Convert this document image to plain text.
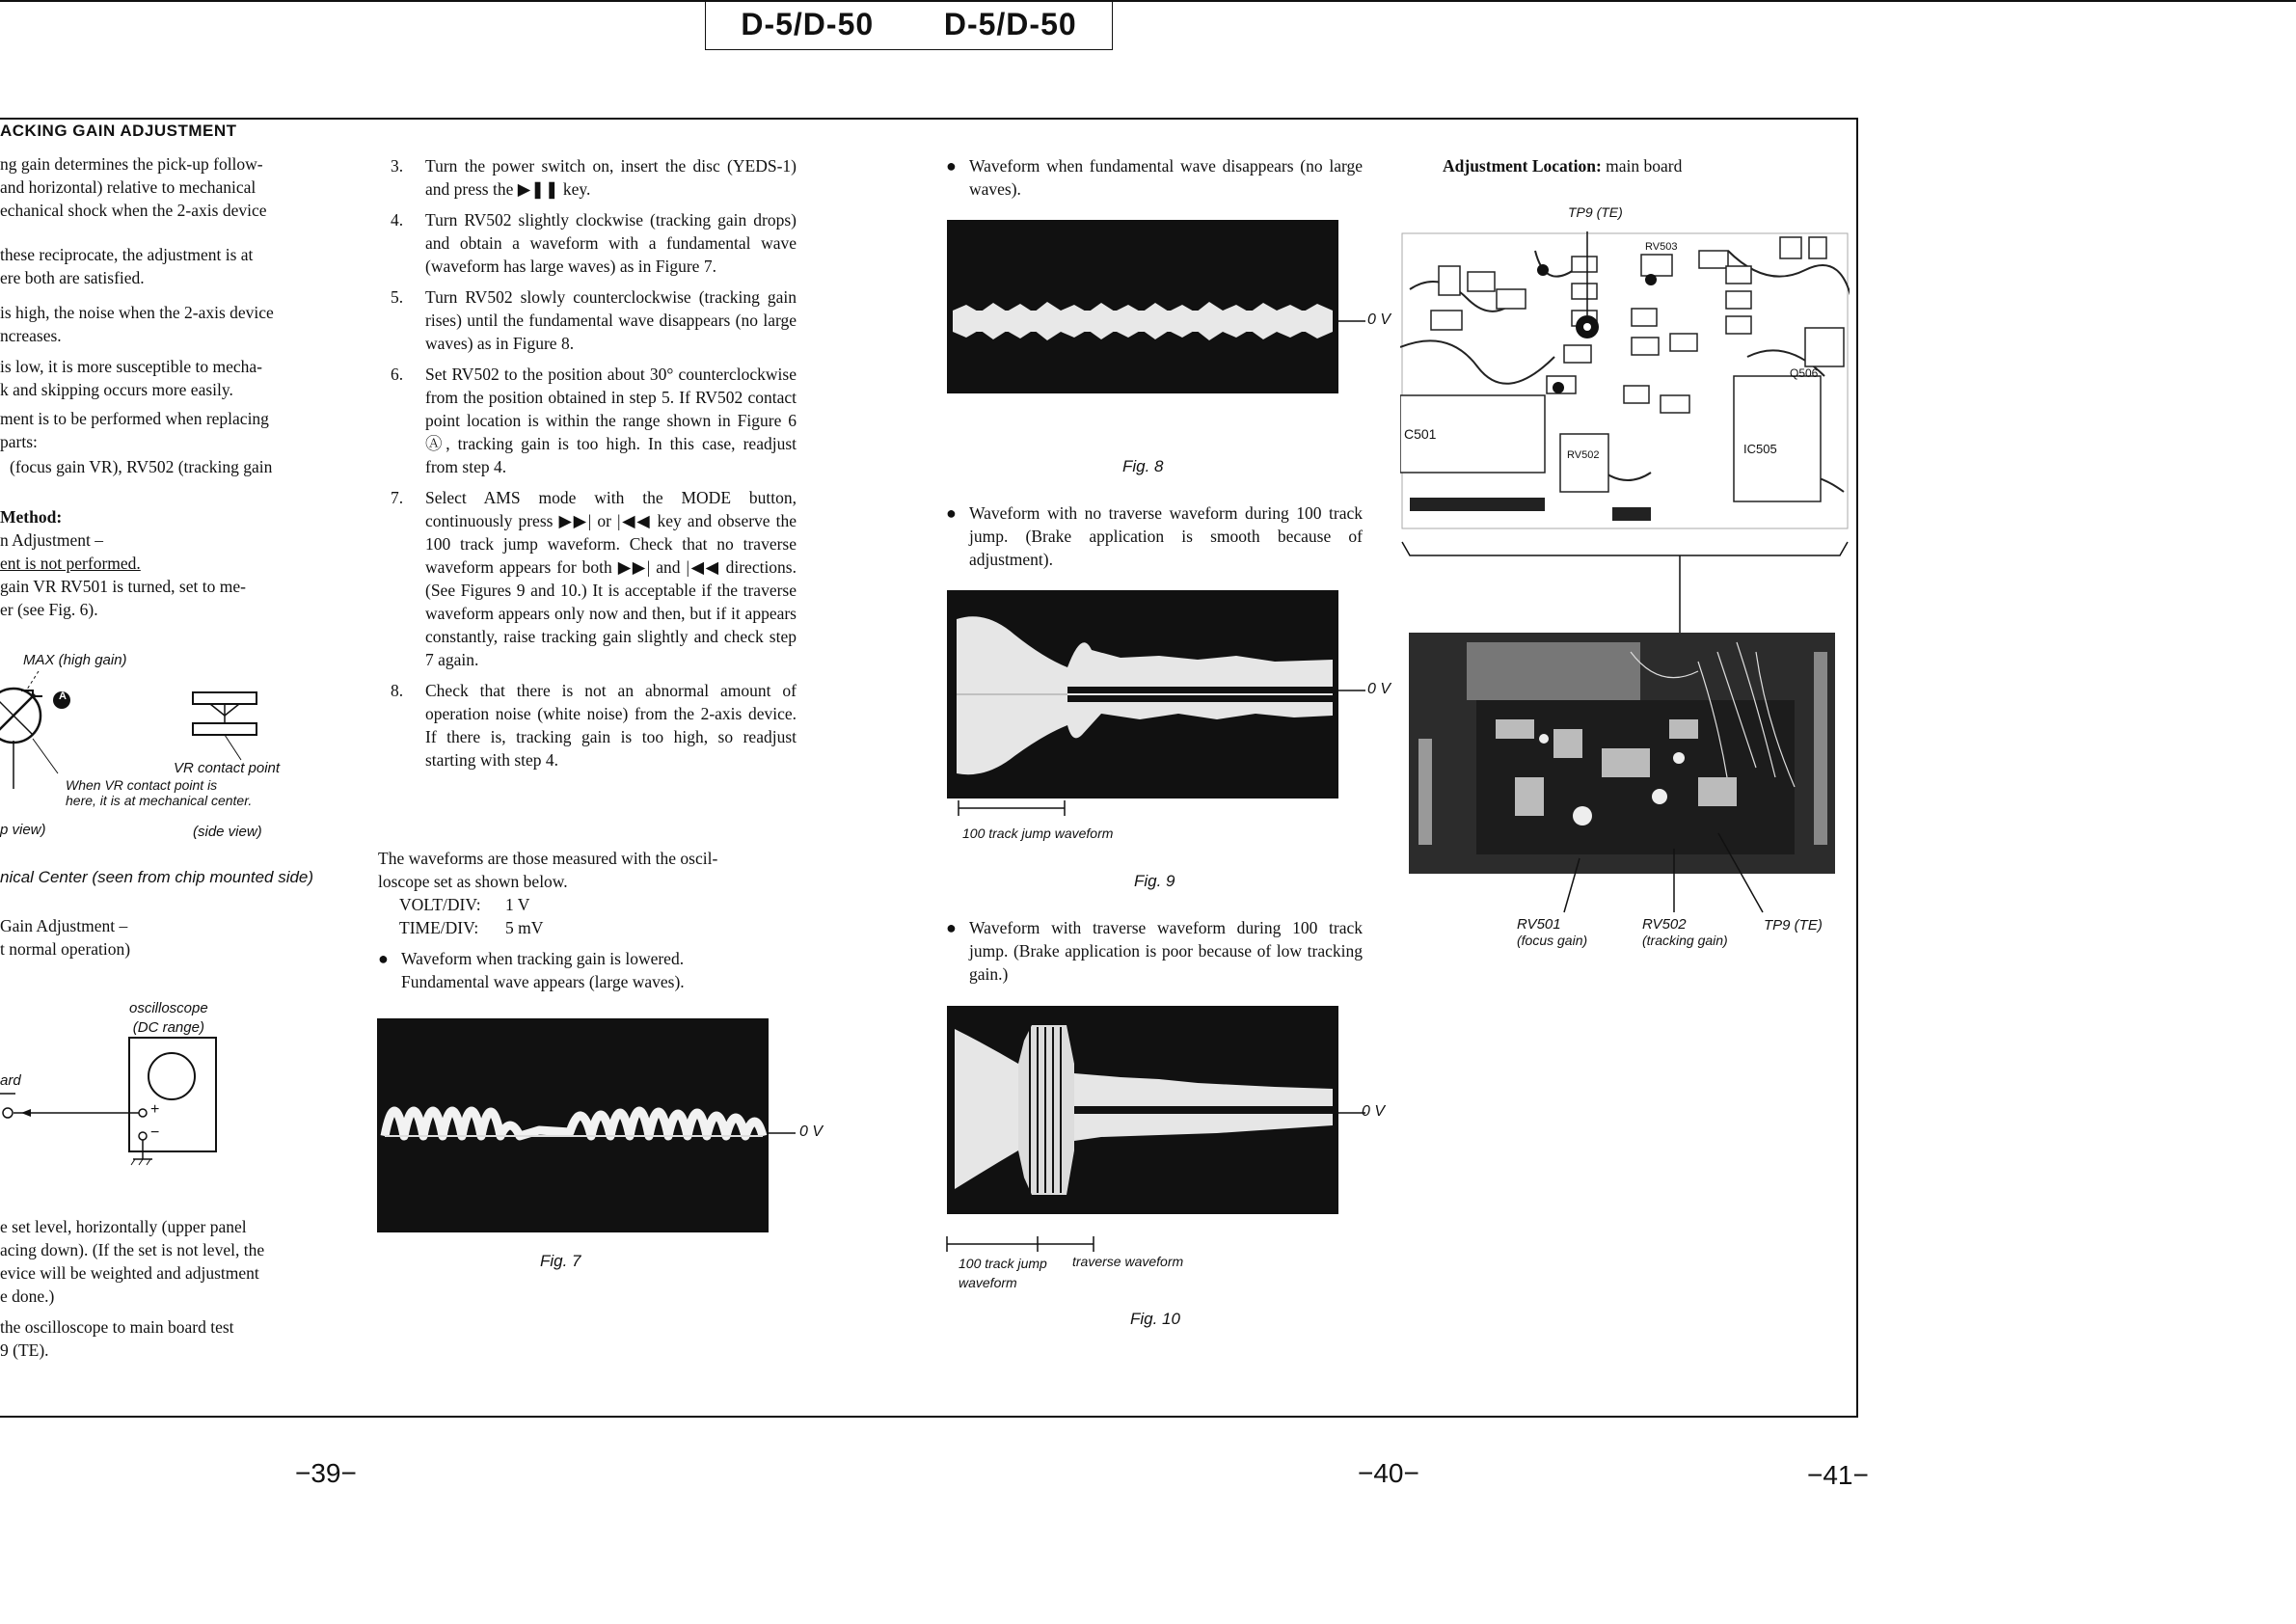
D-5/D-50 D-5/D-50
ACKING GAIN ADJUSTMENT
ng gain determines the pick-up follow-
and horizontal) relative to mechanical
echanical shock when the 2-axis device
these reciprocate, the adjustment is at
ere both are satisfied.
is high, the noise when the 2-axis device
ncreases.
is low, it is more susceptible to mecha-
k and skipping occurs more easily.
ment is to be performed when replacing
parts:
(focus gain VR), RV502 (tracking gain
Method:
n Adjustment –
ent is not performed.
gain VR RV501 is turned, set to me-
er (see Fig. 6).
MAX (high gain)
A
VR contact point
When VR contact point is
here, it is at mechanical center.
p view)	(side view)
nical Center (seen from chip mounted side)
Gain Adjustment –
t normal operation)
oscilloscope
(DC range)
+
−
ard
e set level, horizontally (upper panel
acing down). (If the set is not level, the
evice will be weighted and adjustment
e done.)
the oscilloscope to main board test
9 (TE).
3.	Turn the power switch on, insert the disc (YEDS-1) and press the ▶❚❚ key.
4.	Turn RV502 slightly clockwise (tracking gain drops) and obtain a waveform with a fundamental wave (waveform has large waves) as in Figure 7.
5.	Turn RV502 slowly counterclockwise (tracking gain rises) until the fundamental wave disappears (no large waves) as in Figure 8.
6.	Set RV502 to the position about 30° counterclockwise from the position obtained in step 5. If RV502 contact point location is within the range shown in Figure 6 Ⓐ, tracking gain is too high. In this case, readjust from step 4.
7.	Select AMS mode with the MODE button, continuously press ▶▶| or |◀◀ key and observe the 100 track jump waveform. Check that no traverse waveform appears for both ▶▶| and |◀◀ directions. (See Figures 9 and 10.) It is acceptable if the traverse waveform appears only now and then, but if it appears constantly, raise tracking gain slightly and check step 7 again.
8.	Check that there is not an abnormal amount of operation noise (white noise) from the 2-axis device. If there is, tracking gain is too high, so readjust starting with step 4.
The waveforms are those measured with the oscil-
loscope set as shown below.
VOLT/DIV: 1 V
TIME/DIV: 5 mV
● Waveform when tracking gain is lowered.
Fundamental wave appears (large waves).
0 V
Fig. 7
● Waveform when fundamental wave disappears (no large waves).
0 V
Fig. 8
● Waveform with no traverse waveform during 100 track jump. (Brake application is smooth because of adjustment).
0 V
100 track jump waveform
Fig. 9
● Waveform with traverse waveform during 100 track jump. (Brake application is poor because of low tracking gain.)
0 V
100 track jump
waveform
traverse waveform
Fig. 10
Adjustment Location: main board
TP9 (TE)
C501
IC505
Q506
RV502
RV503
RV501
(focus gain)
RV502
(tracking gain)
TP9 (TE)
−39−	−40−	−41−
